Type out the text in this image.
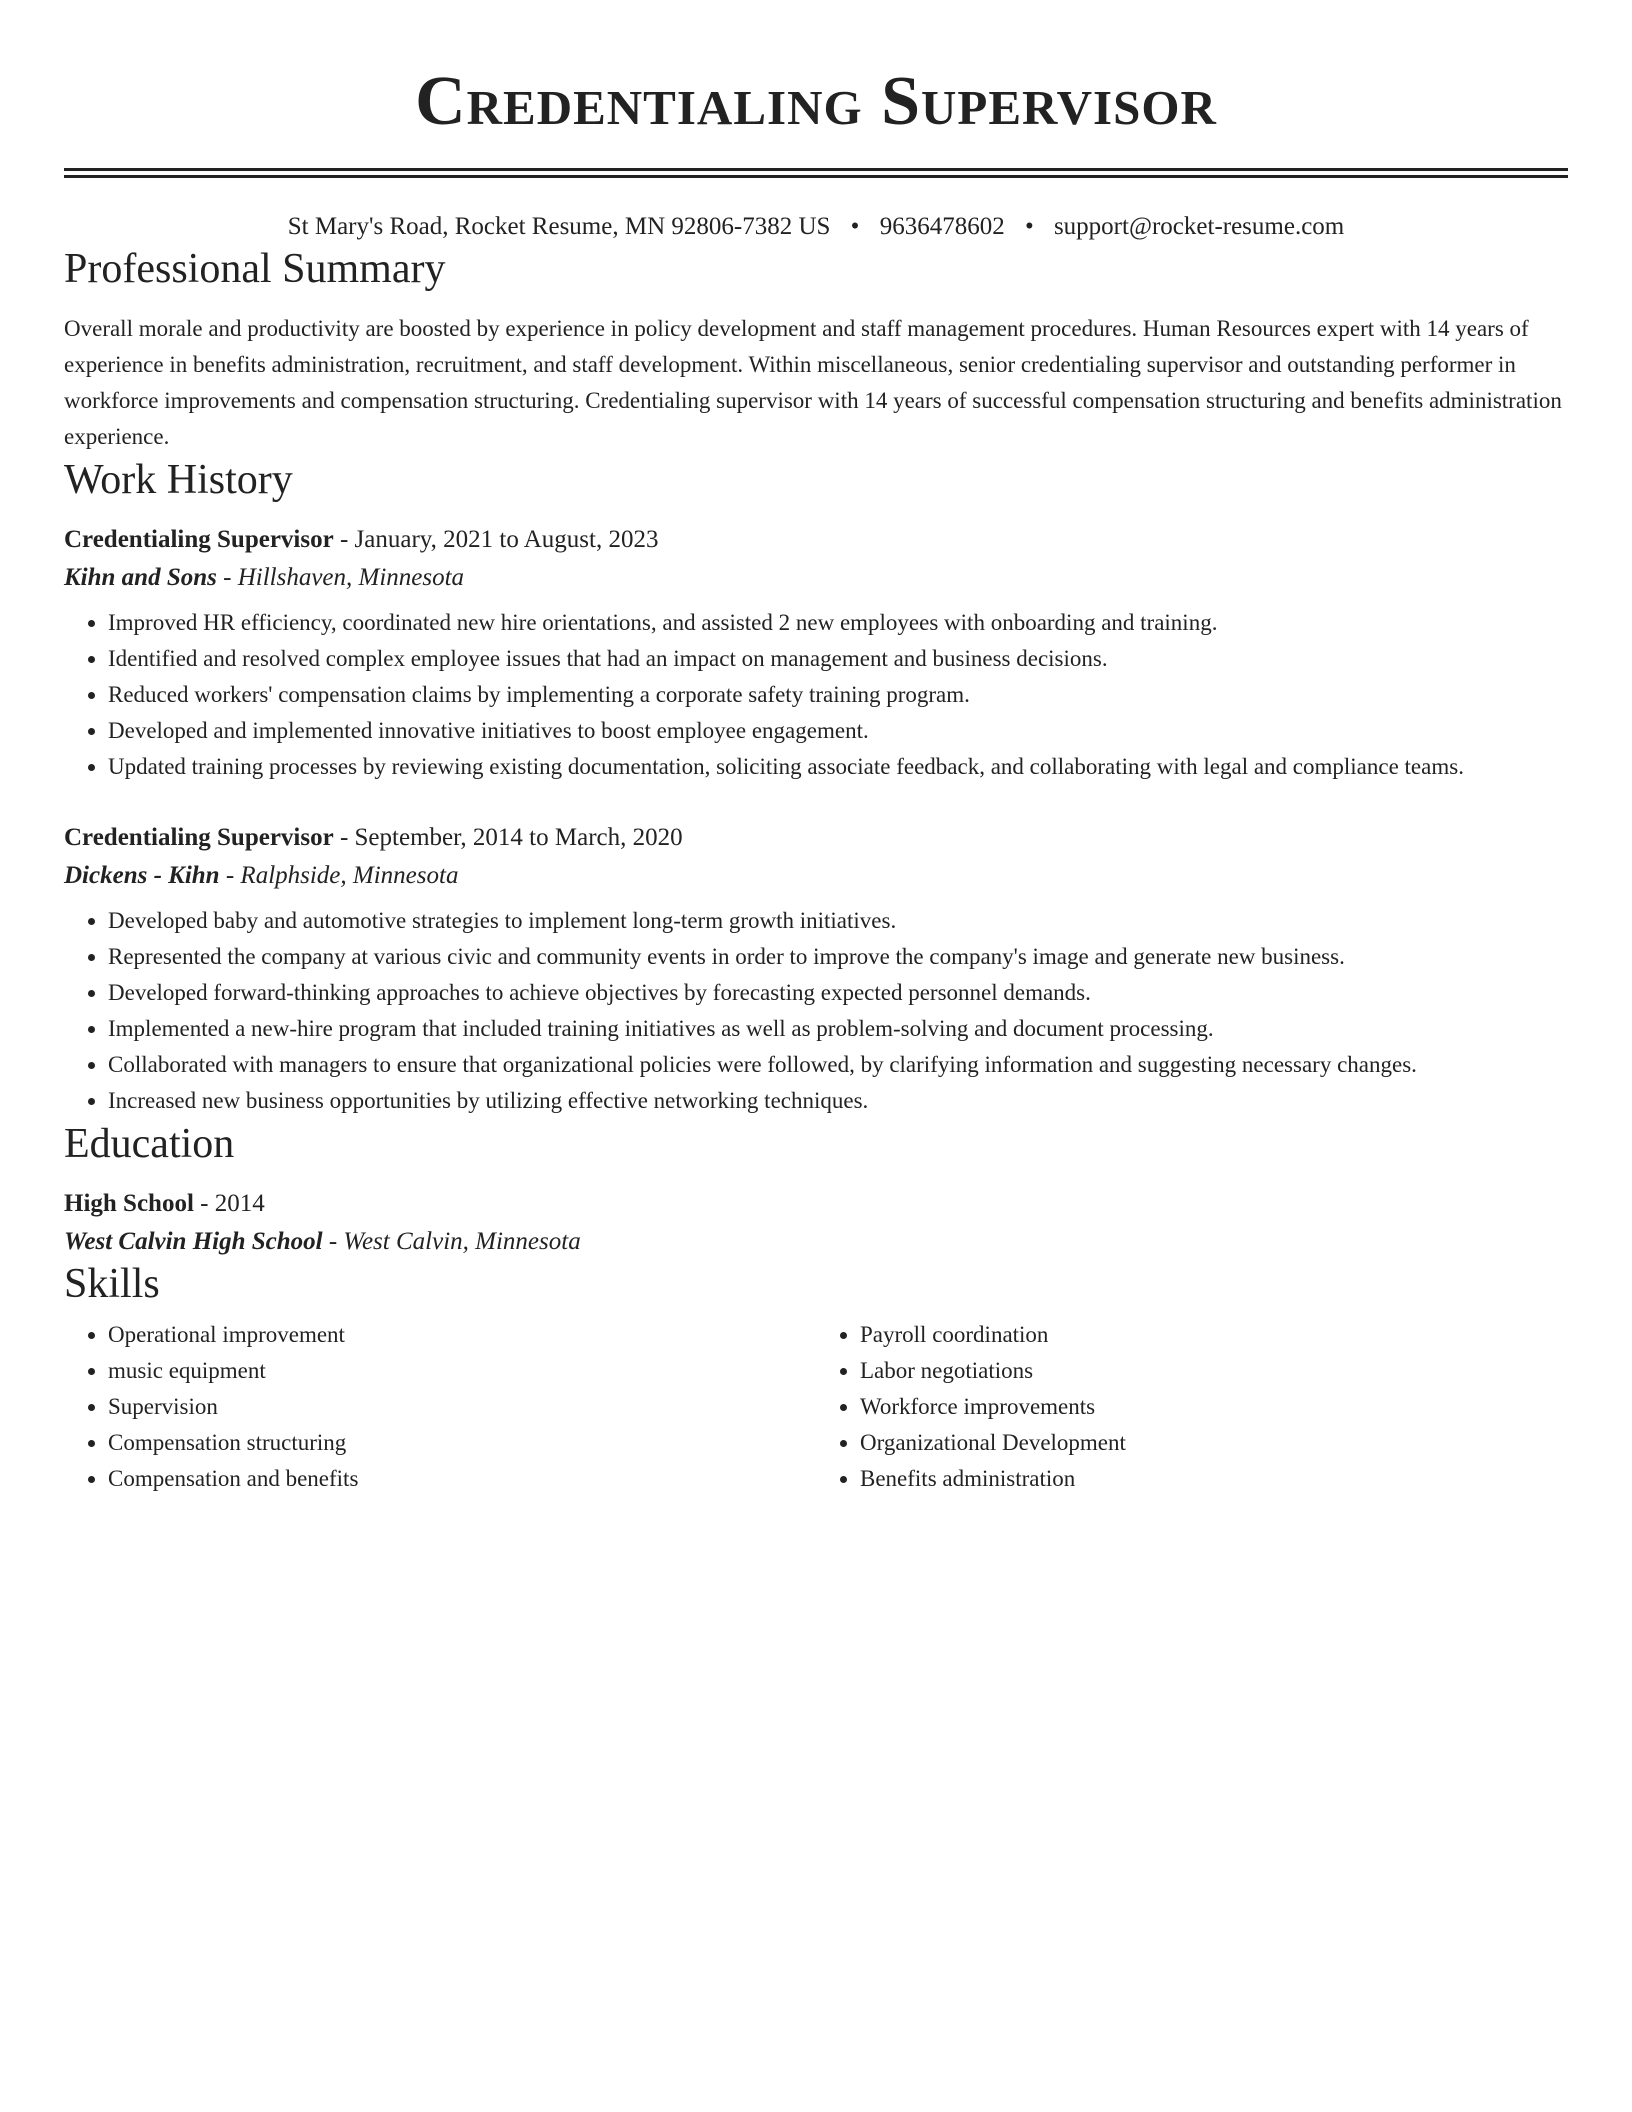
Credentialing Supervisor
St Mary's Road, Rocket Resume, MN 92806-7382 US • 9636478602 • support@rocket-resume.com
Professional Summary

Overall morale and productivity are boosted by experience in policy development and staff management procedures. Human Resources expert with 14 years of experience in benefits administration, recruitment, and staff development. Within miscellaneous, senior credentialing supervisor and outstanding performer in workforce improvements and compensation structuring. Credentialing supervisor with 14 years of successful compensation structuring and benefits administration experience.

Work History

Credentialing Supervisor - January, 2021 to August, 2023

Kihn and Sons - Hillshaven, Minnesota

• Improved HR efficiency, coordinated new hire orientations, and assisted 2 new employees with onboarding and training.
• Identified and resolved complex employee issues that had an impact on management and business decisions.
• Reduced workers' compensation claims by implementing a corporate safety training program.
• Developed and implemented innovative initiatives to boost employee engagement.
• Updated training processes by reviewing existing documentation, soliciting associate feedback, and collaborating with legal and compliance teams.

Credentialing Supervisor - September, 2014 to March, 2020

Dickens - Kihn - Ralphside, Minnesota

• Developed baby and automotive strategies to implement long-term growth initiatives.
• Represented the company at various civic and community events in order to improve the company's image and generate new business.
• Developed forward-thinking approaches to achieve objectives by forecasting expected personnel demands.
• Implemented a new-hire program that included training initiatives as well as problem-solving and document processing.
• Collaborated with managers to ensure that organizational policies were followed, by clarifying information and suggesting necessary changes.
• Increased new business opportunities by utilizing effective networking techniques.
Education

High School - 2014

West Calvin High School - West Calvin, Minnesota

Skills
• Operational improvement
• music equipment
• Supervision
• Compensation structuring
• Compensation and benefits
• Payroll coordination
• Labor negotiations
• Workforce improvements
• Organizational Development
• Benefits administration
